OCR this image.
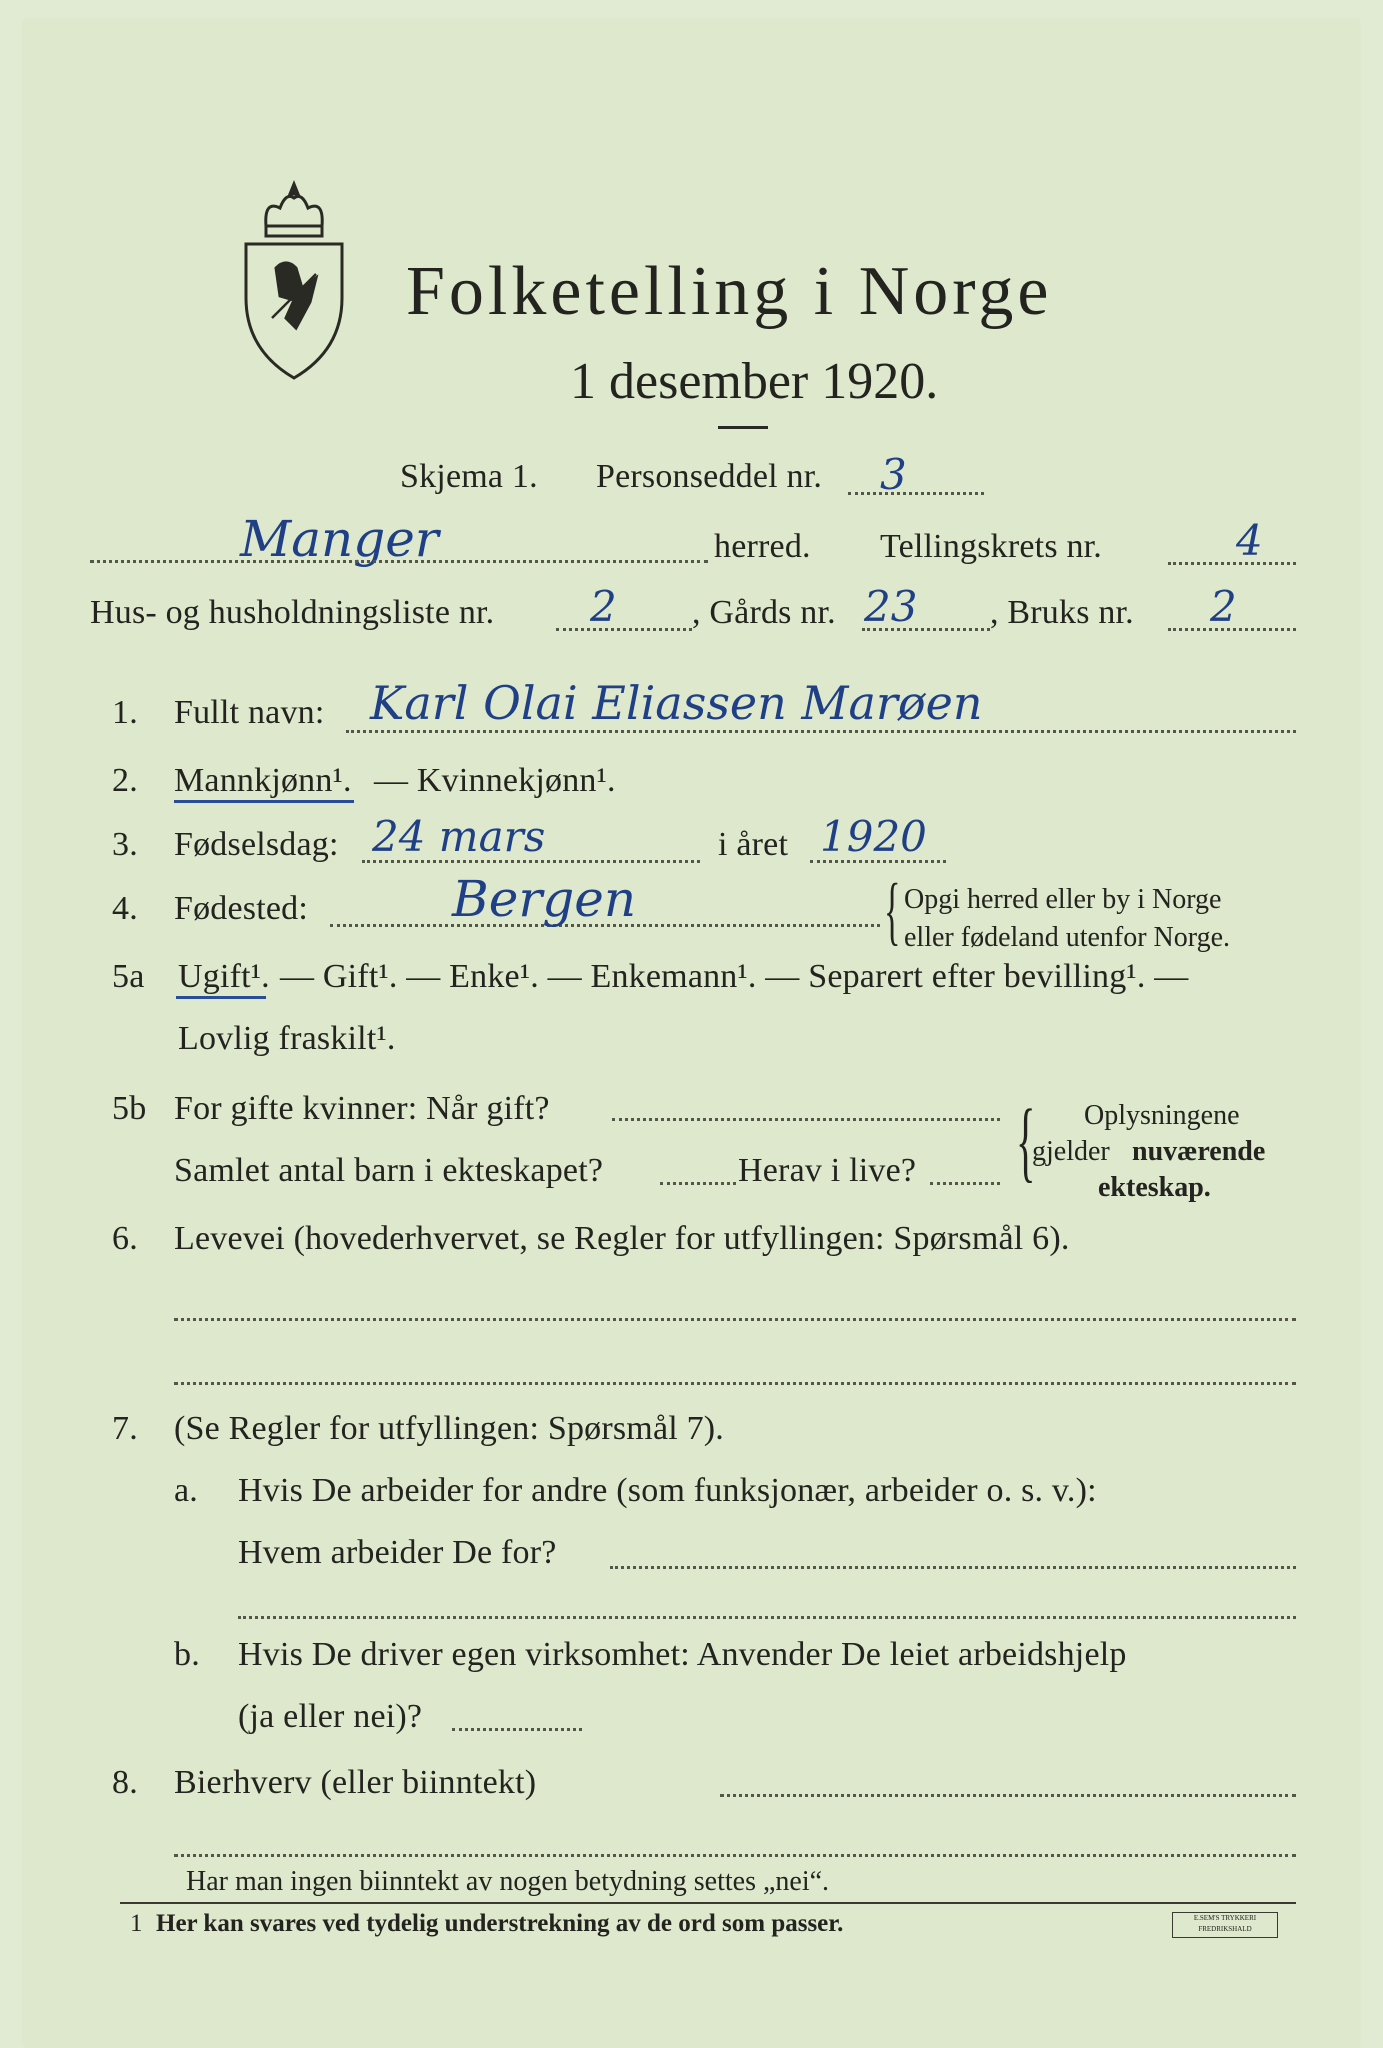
Folketelling i Norge
1 desember 1920.
Skjema 1. Personseddel nr. 3
Manger	herred. Tellingskrets nr.	4
Hus- og husholdningsliste nr. 2 , Gårds nr. 23 , Bruks nr. 2
1. Fullt navn: Karl Olai Eliassen Marøen
2. Mannkjønn¹. — Kvinnekjønn¹.
3. Fødselsdag: 24 mars	i året 1920
4. Fødested:	Bergen	{ Opgi herred eller by i Norge
eller fødeland utenfor Norge.
5a Ugift¹. — Gift¹. — Enke¹. — Enkemann¹. — Separert efter bevilling¹. —
Lovlig fraskilt¹.
5b For gifte kvinner: Når gift?
Samlet antal barn i ekteskapet?	Herav i live? { Oplysningene
gjelder nuværende
ekteskap.
6. Levevei (hovederhvervet, se Regler for utfyllingen: Spørsmål 6).
7. (Se Regler for utfyllingen: Spørsmål 7).
a. Hvis De arbeider for andre (som funksjonær, arbeider o. s. v.):
Hvem arbeider De for?
b. Hvis De driver egen virksomhet: Anvender De leiet arbeidshjelp
(ja eller nei)?
8. Bierhverv (eller biinntekt)
Har man ingen biinntekt av nogen betydning settes „nei“.
1 Her kan svares ved tydelig understrekning av de ord som passer.	E.SEM'S TRYKKERI FREDRIKSHALD
